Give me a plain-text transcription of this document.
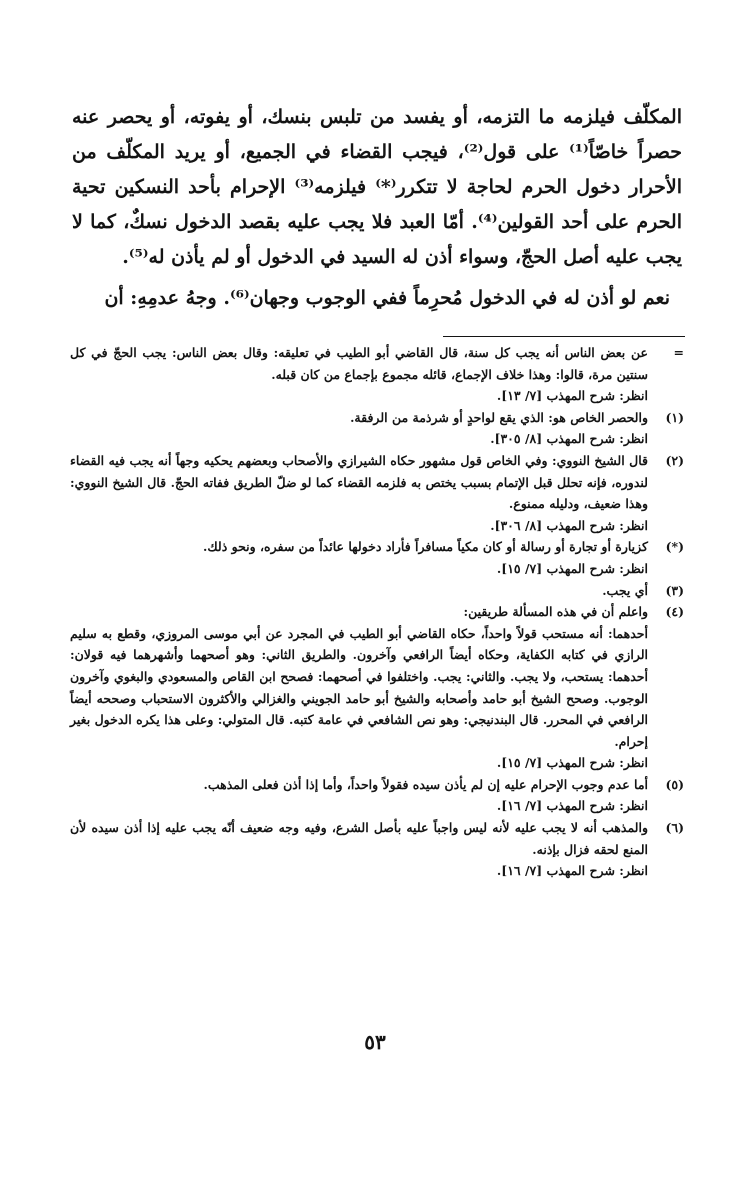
المكلّف فيلزمه ما التزمه، أو يفسد من تلبس بنسك، أو يفوته، أو يحصر عنه حصراً خاصّاً⁽¹⁾ على قول⁽²⁾، فيجب القضاء في الجميع، أو يريد المكلّف من الأحرار دخول الحرم لحاجة لا تتكرر⁽*⁾ فيلزمه⁽³⁾ الإحرام بأحد النسكين تحية الحرم على أحد القولين⁽⁴⁾. أمّا العبد فلا يجب عليه بقصد الدخول نسكٌ، كما لا يجب عليه أصل الحجّ، وسواء أذن له السيد في الدخول أو لم يأذن له⁽⁵⁾.

نعم لو أذن له في الدخول مُحرِماً ففي الوجوب وجهان⁽⁶⁾. وجهُ عدمِهِ: أن

=
عن بعض الناس أنه يجب كل سنة، قال القاضي أبو الطيب في تعليقه: وقال بعض الناس: يجب الحجّ في كل سنتين مرة، قالوا: وهذا خلاف الإجماع، قائله مجموع بإجماع من كان قبله.
انظر: شرح المهذب [٧/ ١٣].
(١)
والحصر الخاص هو: الذي يقع لواحدٍ أو شرذمة من الرفقة.
انظر: شرح المهذب [٨/ ٣٠٥].
(٢)
قال الشيخ النووي: وفي الخاص قول مشهور حكاه الشيرازي والأصحاب وبعضهم يحكيه وجهاً أنه يجب فيه القضاء لندوره، فإنه تحلل قبل الإتمام بسبب يختص به فلزمه القضاء كما لو ضلّ الطريق ففاته الحجّ. قال الشيخ النووي: وهذا ضعيف، ودليله ممنوع.
انظر: شرح المهذب [٨/ ٣٠٦].
(*)
كزيارة أو تجارة أو رسالة أو كان مكياً مسافراً فأراد دخولها عائداً من سفره، ونحو ذلك.
انظر: شرح المهذب [٧/ ١٥].
(٣)
أي يجب.
(٤)
واعلم أن في هذه المسألة طريقين:
أحدهما: أنه مستحب قولاً واحداً، حكاه القاضي أبو الطيب في المجرد عن أبي موسى المروزي، وقطع به سليم الرازي في كتابه الكفاية، وحكاه أيضاً الرافعي وآخرون. والطريق الثاني: وهو أصحهما وأشهرهما فيه قولان: أحدهما: يستحب، ولا يجب. والثاني: يجب. واختلفوا في أصحهما: فصحح ابن القاص والمسعودي والبغوي وآخرون الوجوب. وصحح الشيخ أبو حامد وأصحابه والشيخ أبو حامد الجويني والغزالي والأكثرون الاستحباب وصححه أيضاً الرافعي في المحرر. قال البندنيجي: وهو نص الشافعي في عامة كتبه. قال المتولي: وعلى هذا يكره الدخول بغير إحرام.
انظر: شرح المهذب [٧/ ١٥].
(٥)
أما عدم وجوب الإحرام عليه إن لم يأذن سيده فقولاً واحداً، وأما إذا أذن فعلى المذهب.
انظر: شرح المهذب [٧/ ١٦].
(٦)
والمذهب أنه لا يجب عليه لأنه ليس واجباً عليه بأصل الشرع، وفيه وجه ضعيف أنّه يجب عليه إذا أذن سيده لأن المنع لحقه فزال بإذنه.
انظر: شرح المهذب [٧/ ١٦].
٥٣
